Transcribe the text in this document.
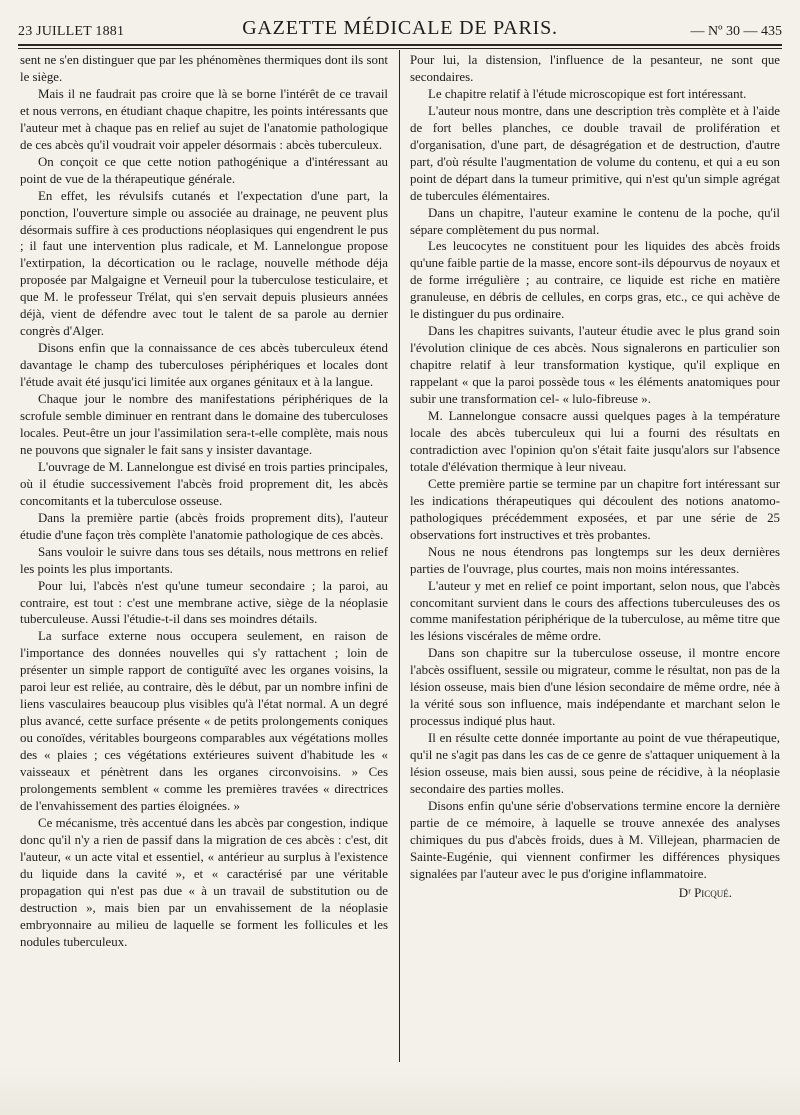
23 JUILLET 1881	GAZETTE MÉDICALE DE PARIS.	— Nº 30 — 435

sent ne s'en distinguer que par les phénomènes thermiques dont ils sont le siège.

Mais il ne faudrait pas croire que là se borne l'intérêt de ce travail et nous verrons, en étudiant chaque chapitre, les points intéressants que l'auteur met à chaque pas en relief au sujet de l'anatomie pathologique de ces abcès qu'il voudrait voir appeler désormais : abcès tuberculeux.

On conçoit ce que cette notion pathogénique a d'intéressant au point de vue de la thérapeutique générale.

En effet, les révulsifs cutanés et l'expectation d'une part, la ponction, l'ouverture simple ou associée au drainage, ne peuvent plus désormais suffire à ces productions néoplasiques qui engendrent le pus ; il faut une intervention plus radicale, et M. Lannelongue propose l'extirpation, la décortication ou le raclage, nouvelle méthode déja proposée par Malgaigne et Verneuil pour la tuberculose testiculaire, et que M. le professeur Trélat, qui s'en servait depuis plusieurs années déjà, vient de défendre avec tout le talent de sa parole au dernier congrès d'Alger.

Disons enfin que la connaissance de ces abcès tuberculeux étend davantage le champ des tuberculoses périphériques et locales dont l'étude avait été jusqu'ici limitée aux organes génitaux et à la langue.

Chaque jour le nombre des manifestations périphériques de la scrofule semble diminuer en rentrant dans le domaine des tuberculoses locales. Peut-être un jour l'assimilation sera-t-elle complète, mais nous ne pouvons que signaler le fait sans y insister davantage.

L'ouvrage de M. Lannelongue est divisé en trois parties principales, où il étudie successivement l'abcès froid proprement dit, les abcès concomitants et la tuberculose osseuse.

Dans la première partie (abcès froids proprement dits), l'auteur étudie d'une façon très complète l'anatomie pathologique de ces abcès.

Sans vouloir le suivre dans tous ses détails, nous mettrons en relief les points les plus importants.

Pour lui, l'abcès n'est qu'une tumeur secondaire ; la paroi, au contraire, est tout : c'est une membrane active, siège de la néoplasie tuberculeuse. Aussi l'étudie-t-il dans ses moindres détails.

La surface externe nous occupera seulement, en raison de l'importance des données nouvelles qui s'y rattachent ; loin de présenter un simple rapport de contiguïté avec les organes voisins, la paroi leur est reliée, au contraire, dès le début, par un nombre infini de liens vasculaires beaucoup plus visibles qu'à l'état normal. A un degré plus avancé, cette surface présente « de petits prolongements coniques ou conoïdes, véritables bourgeons comparables aux végétations molles des « plaies ; ces végétations extérieures suivent d'habitude les « vaisseaux et pénètrent dans les organes circonvoisins. » Ces prolongements semblent « comme les premières travées « directrices de l'envahissement des parties éloignées. »

Ce mécanisme, très accentué dans les abcès par congestion, indique donc qu'il n'y a rien de passif dans la migration de ces abcès : c'est, dit l'auteur, « un acte vital et essentiel, « antérieur au surplus à l'existence du liquide dans la cavité », et « caractérisé par une véritable propagation qui n'est pas due « à un travail de substitution ou de destruction », mais bien par un envahissement de la néoplasie embryonnaire au milieu de laquelle se forment les follicules et les nodules tuberculeux.

Pour lui, la distension, l'influence de la pesanteur, ne sont que secondaires.

Le chapitre relatif à l'étude microscopique est fort intéressant.

L'auteur nous montre, dans une description très complète et à l'aide de fort belles planches, ce double travail de prolifération et d'organisation, d'une part, de désagrégation et de destruction, d'autre part, d'où résulte l'augmentation de volume du contenu, et qui a eu son point de départ dans la tumeur primitive, qui n'est qu'un simple agrégat de tubercules élémentaires.

Dans un chapitre, l'auteur examine le contenu de la poche, qu'il sépare complètement du pus normal.

Les leucocytes ne constituent pour les liquides des abcès froids qu'une faible partie de la masse, encore sont-ils dépourvus de noyaux et de forme irrégulière ; au contraire, ce liquide est riche en matière granuleuse, en débris de cellules, en corps gras, etc., ce qui achève de le distinguer du pus ordinaire.

Dans les chapitres suivants, l'auteur étudie avec le plus grand soin l'évolution clinique de ces abcès. Nous signalerons en particulier son chapitre relatif à leur transformation kystique, qu'il explique en rappelant « que la paroi possède tous « les éléments anatomiques pour subir une transformation cel- « lulo-fibreuse ».

M. Lannelongue consacre aussi quelques pages à la température locale des abcès tuberculeux qui lui a fourni des résultats en contradiction avec l'opinion qu'on s'était faite jusqu'alors sur l'absence totale d'élévation thermique à leur niveau.

Cette première partie se termine par un chapitre fort intéressant sur les indications thérapeutiques qui découlent des notions anatomo-pathologiques précédemment exposées, et par une série de 25 observations fort instructives et très probantes.

Nous ne nous étendrons pas longtemps sur les deux dernières parties de l'ouvrage, plus courtes, mais non moins intéressantes.

L'auteur y met en relief ce point important, selon nous, que l'abcès concomitant survient dans le cours des affections tuberculeuses des os comme manifestation périphérique de la tuberculose, au même titre que les lésions viscérales de même ordre.

Dans son chapitre sur la tuberculose osseuse, il montre encore l'abcès ossifluent, sessile ou migrateur, comme le résultat, non pas de la lésion osseuse, mais bien d'une lésion secondaire de même ordre, née à la vérité sous son influence, mais indépendante et marchant selon le processus indiqué plus haut.

Il en résulte cette donnée importante au point de vue thérapeutique, qu'il ne s'agit pas dans les cas de ce genre de s'attaquer uniquement à la lésion osseuse, mais bien aussi, sous peine de récidive, à la néoplasie secondaire des parties molles.

Disons enfin qu'une série d'observations termine encore la dernière partie de ce mémoire, à laquelle se trouve annexée des analyses chimiques du pus d'abcès froids, dues à M. Villejean, pharmacien de Sainte-Eugénie, qui viennent confirmer les différences physiques signalées par l'auteur avec le pus d'origine inflammatoire.

Dʳ Picqué.
